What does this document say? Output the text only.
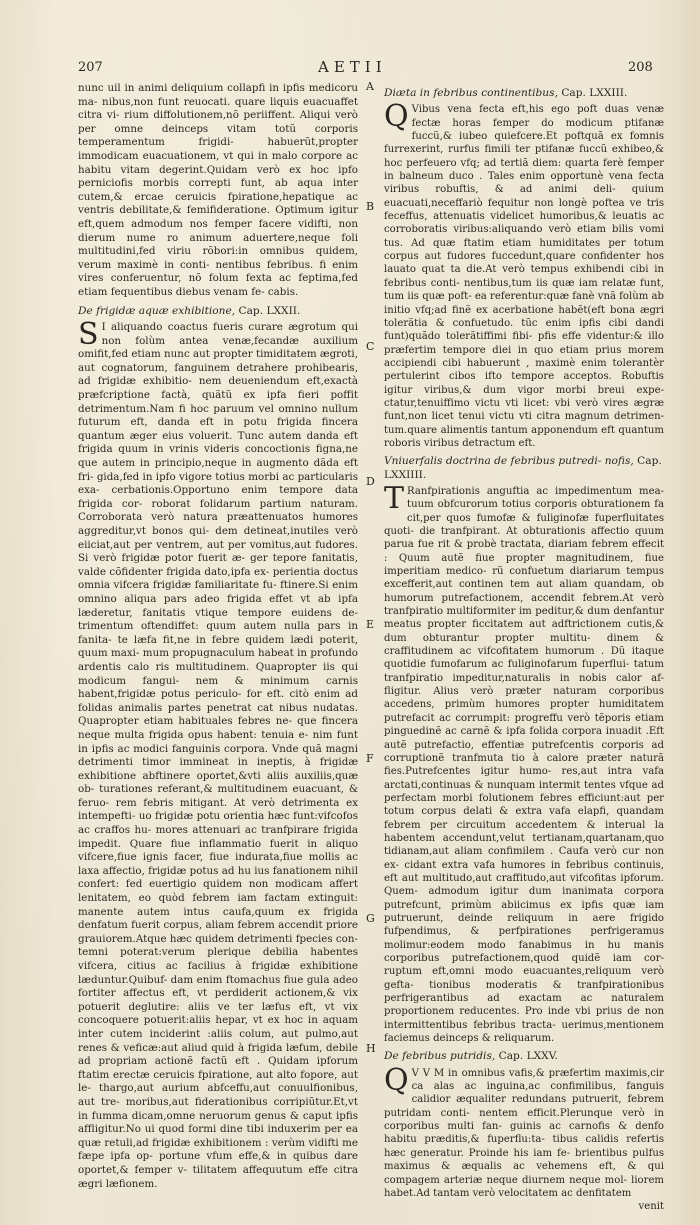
207	AETII	208
A
B
C
D
E
F
G
H

nunc uil in animi deliquium collapfi in ipfis medicoru ma- nibus,non funt reuocati. quare liquis euacuaffet citra vi- rium diffolutionem,nõ periiffent. Aliqui verò per omne deinceps vitam totũ corporis temperamentum frigidi- habuerũt,propter immodicam euacuationem, vt qui in malo corpore ac habitu vitam degerint.Quidam verò ex hoc ipfo perniciofis morbis correpti funt, ab aqua inter cutem,& ercae ceruicis fpiratione,hepatique ac ventris debilitate,& femifideratione. Optimum igitur eft,quem admodum nos femper facere vidifti, non dierum nume ro animum aduertere,neque foli multitudini,fed viriu rõbori:in omnibus quidem, verum maximè in conti- nentibus febribus. fi enim vires conferuentur, nõ folum fexta ac feptima,fed etiam fequentibus diebus venam fe- cabis.

De frigidæ aquæ exhibitione, Cap. LXXII.

S I aliquando coactus fueris curare ægrotum qui non folùm antea venæ,fecandæ auxilium omifit,fed etiam nunc aut propter timiditatem ægroti, aut cognatorum, fanguinem detrahere prohibearis, ad frigidæ exhibitio- nem deueniendum eft,exactà præfcriptione factà, quãtũ ex ipfa fieri poffit detrimentum.Nam fi hoc paruum vel omnino nullum futurum eft, danda eft in potu frigida fincera quantum æger eius voluerit. Tunc autem danda eft frigida quum in vrinis videris concoctionis figna,ne que autem in principio,neque in augmento dãda eft fri- gida,fed in ipfo vigore totius morbi ac particularis exa- cerbationis.Opportuno enim tempore data frigida cor- roborat folidarum partium naturam. Corroborata verò natura præattenuatos humores aggreditur,vt bonos qui- dem detineat,inutiles verò eiiciat,aut per ventrem, aut per vomitus,aut fudores. Si verò frigidæ potor fuerit æ- ger tepore fanitatis, valde cõfidenter frigida dato,ipfa ex- perientia doctus omnia vifcera frigidæ familiaritate fu- ftinere.Si enim omnino aliqua pars adeo frigida effet vt ab ipfa læderetur, fanitatis vtique tempore euidens de- trimentum oftendiffet: quum autem nulla pars in fanita- te læfa fit,ne in febre quidem lædi poterit, quum maxi- mum propugnaculum habeat in profundo ardentis calo ris multitudinem. Quapropter iis qui modicum fangui- nem & minimum carnis habent,frigidæ potus periculo- for eft. citò enim ad folidas animalis partes penetrat cat nibus nudatas. Quapropter etiam habituales febres ne- que fincera neque multa frigida opus habent: tenuia e- nim funt in ipfis ac modici fanguinis corpora. Vnde quã magni detrimenti timor immineat in ineptis, à frigidæ exhibitione abftinere oportet,&vti aliis auxiliis,quæ ob- turationes referant,& multitudinem euacuant, & feruo- rem febris mitigant. At verò detrimenta ex intempefti- uo frigidæ potu orientia hæc funt:vifcofos ac craffos hu- mores attenuari ac tranfpirare frigida impedit. Quare fiue inflammatio fuerit in aliquo vifcere,fiue ignis facer, fiue indurata,fiue mollis ac laxa affectio, frigidæ potus ad hu ius fanationem nihil confert: fed euertigio quidem non modicam affert lenitatem, eo quòd febrem iam factam extinguit: manente autem intus caufa,quum ex frigida denfatum fuerit corpus, aliam febrem accendit priore grauiorem.Atque hæc quidem detrimenti fpecies con- temni poterat:verum plerique debilia habentes vifcera, citius ac facilius à frigidæ exhibitione læduntur.Quibuf- dam enim ftomachus fiue gula adeo fortiter affectus eft, vt perdiderit actionem,& vix potuerit deglutire: aliis ve ter læfus eft, vt vix concoquere potuerit:aliis hepar, vt ex hoc in aquam inter cutem inciderint :aliis colum, aut pulmo,aut renes & veficæ:aut aliud quid à frigida læfum, debile ad propriam actionẽ factũ eft . Quidam ipforum ftatim erectæ ceruicis fpiratione, aut alto fopore, aut le- thargo,aut aurium abfceffu,aut conuulfionibus, aut tre- moribus,aut fiderationibus corripiũtur.Et,vt in fumma dicam,omne neruorum genus & caput ipfis affligitur.No ui quod formi dine tibi induxerim per ea quæ retuli,ad frigidæ exhibitionem : verùm vidifti me fæpe ipfa op- portune vfum effe,& in quibus dare oportet,& femper v- tilitatem affequutum effe citra ægri læfionem.

Diæta in febribus continentibus, Cap. LXXIII.

Q Vibus vena fecta eft,his ego poft duas venæ fectæ horas femper do modicum ptifanæ fuccũ,& iubeo quiefcere.Et poftquã ex fomnis furrexerint, rurfus fimili ter ptifanæ fuccũ exhibeo,& hoc perfeuero vfq; ad tertiã diem: quarta ferè femper in balneum duco . Tales enim opportunè vena fecta viribus robuftis, & ad animi deli- quium euacuati,neceffariò fequitur non longè poftea ve tris feceffus, attenuatis videlicet humoribus,& leuatis ac corroboratis viribus:aliquando verò etiam bilis vomi tus. Ad quæ ftatim etiam humiditates per totum corpus aut fudores fuccedunt,quare confidenter hos lauato quat ta die.At verò tempus exhibendi cibi in febribus conti- nentibus,tum iis quæ iam relatæ funt, tum iis quæ poft- ea referentur:quæ fanè vnã folùm ab initio vfq;ad finẽ ex acerbatione habẽt(eft bona ægri tolerãtia & confuetudo. tũc enim ipfis cibi dandi funt)quãdo tolerãtiffimi fibi- pfis effe videntur:& illo præfertim tempore diei in quo etiam prius morem accipiendi cibi habuerunt , maximè enim tolerantèr pertulerint cibos ifto tempore acceptos. Robuftis igitur viribus,& dum vigor morbi breui expe- ctatur,tenuiffimo victu vti licet: vbi verò vires ægræ funt,non licet tenui victu vti citra magnum detrimen- tum.quare alimentis tantum apponendum eft quantum roboris viribus detractum eft.

Vniuerfalis doctrina de febribus putredi- nofis, Cap. LXXIIII.

T Ranfpirationis anguftia ac impedimentum mea- tuum obfcurorum totius corporis obturationem fa cit,per quos fumofæ & fuliginofæ fuperfluitates quoti- die tranfpirant. At obturationis affectio quum parua fue rit & probè tractata, diariam febrem effecit : Quum autẽ fiue propter magnitudinem, fiue imperitiam medico- rũ confuetum diariarum tempus excefferit,aut continen tem aut aliam quandam, ob humorum putrefactionem, accendit febrem.At verò tranfpiratio multiformiter im peditur,& dum denfantur meatus propter ficcitatem aut adftrictionem cutis,& dum obturantur propter multitu- dinem & craffitudinem ac vifcofitatem humorum . Dũ itaque quotidie fumofarum ac fuliginofarum fuperflui- tatum tranfpiratio impeditur,naturalis in nobis calor af- fligitur. Alius verò præter naturam corporibus accedens, primùm humores propter humiditatem putrefacit ac corrumpit: progreffu verò tẽporis etiam pinguedinẽ ac carnẽ & ipfa folida corpora inuadit .Eft autẽ putrefactio, effentiæ putrefcentis corporis ad corruptionẽ tranfmuta tio à calore præter naturã fies.Putrefcentes igitur humo- res,aut intra vafa arctati,continuas & nunquam intermit tentes vfque ad perfectam morbi folutionem febres efficiunt:aut per totum corpus delati & extra vafa elapfi, quandam febrem per circuitum accedentem & interual la habentem accendunt,velut tertianam,quartanam,quo tidianam,aut aliam confimilem . Caufa verò cur non ex- cidant extra vafa humores in febribus continuis, eft aut multitudo,aut craffitudo,aut vifcofitas ipforum. Quem- admodum igitur dum inanimata corpora putrefcunt, primùm abiicimus ex ipfis quæ iam putruerunt, deinde reliquum in aere frigido fufpendimus, & perfpirationes perfrigeramus molimur:eodem modo fanabimus in hu manis corporibus putrefactionem,quod quidẽ iam cor- ruptum eft,omni modo euacuantes,reliquum verò gefta- tionibus moderatis & tranfpirationibus perfrigerantibus ad exactam ac naturalem proportionem reducentes. Pro inde vbi prius de non intermittentibus febribus tracta- uerimus,mentionem faciemus deinceps & reliquarum.

De febribus putridis, Cap. LXXV.

Q V V M in omnibus vafis,& præfertim maximis,cir ca alas ac inguina,ac confimilibus, fanguis calidior æqualiter redundans putruerit, febrem putridam conti- nentem efficit.Plerunque verò in corporibus multi fan- guinis ac carnofis & denfo habitu præditis,& fuperflu:ta- tibus calidis refertis hæc generatur. Proinde his iam fe- brientibus pulfus maximus & æqualis ac vehemens eft, & qui compagem arteriæ neque diurnem neque mol- liorem habet.Ad tantam verò velocitatem ac denfitatem

venit
